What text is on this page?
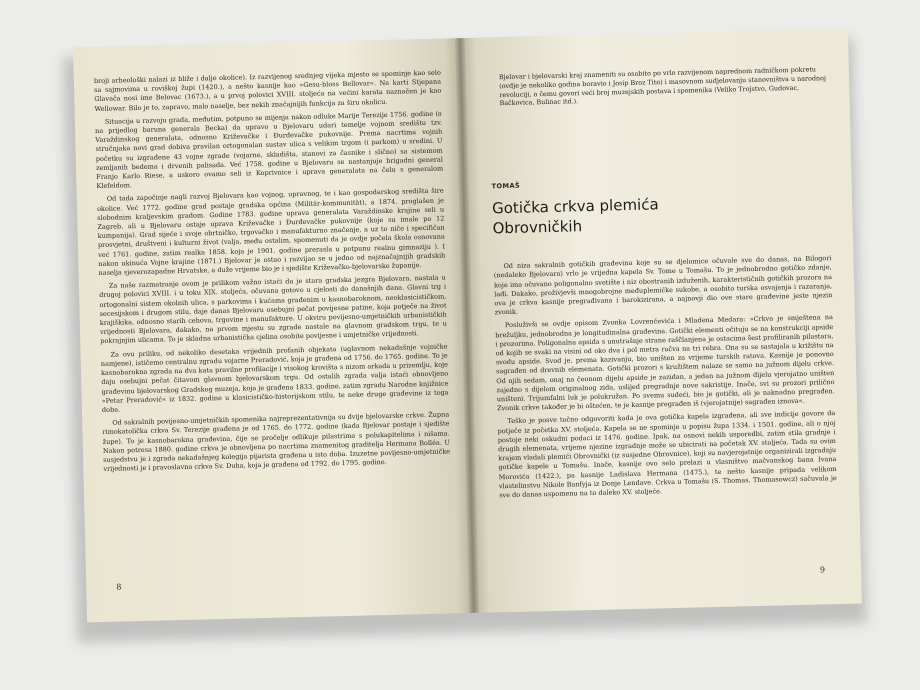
broji arheološki nalazi iz bliže i dalje okolice). Iz razvijenog srednjeg vijeka mjesto se spominje kao selo sa sajmovima u roviškoj župi (1420.), a nešto kasnije kao »Gesu-bloss Bellovar«. Na karti Stjepana Glavača nosi ime Belovac (1673.), a u prvoj polovici XVIII. stoljeća na većini karata naznačen je kao Wellowar. Bilo je to, zapravo, malo naselje, bez nekih značajnijih funkcija za širu okolicu.

Situacija u razvoju grada, međutim, potpuno se mijenja nakon odluke Marije Terezije 1756. godine (a na prijedlog baruna generala Becka) da upravo u Bjelovaru udari temelje vojnom središtu tzv. Varaždinskog generalata, odnosno Križevačke i Đurđevačke pukovnije. Prema nacrtima vojnih stručnjaka novi grad dobiva pravilan ortogonalan sustav ulica s velikim trgom (i parkom) u sredini. U početku su izgrađene 43 vojne zgrade (vojarne, skladišta, stanovi za časnike i slično) sa sistemom zemljanih bedema i drvenih palisada. Već 1758. godine u Bjelovaru se nastanjuje brigadni general Franjo Karlo Riese, a uskoro ovamo seli iz Koprivnice i uprava generalata na čelu s generalom Klefeldom.

Od tada započinje nagli razvoj Bjelovara kao vojnog, upravnog, te i kao gospodarskog središta šire okolice. Već 1772. godine grad postaje gradska općina (Militär-kommunität), a 1874. proglašen je slobodnim kraljevskim gradom. Godine 1783. godine uprava generalata Varaždinske krajine seli u Zagreb, ali u Bjelovaru ostaje uprava Križevačke i Đurđevačke pukovnije (koje su imale po 12 kumpanija). Grad sijeće i svoje obrtničko, trgovačko i manufakturno značenje, a uz to niče i specifičan prosvjetni, društveni i kulturni život (valja, među ostalim, spomenuti da je ovdje počela škola osnovana već 1761. godine, zatim realka 1858. koja je 1901. godine prerasla u potpunu realnu gimnaziju ). I nakon ukinuća Vojne krajine (1871.) Bjelovar je ostao i razvijao se u jedno od najznačajnijih gradskih naselja sjeverozapadne Hrvatske, a duže vrijeme bio je i sjedište Križevačko-bjelovarske županije.

Za naše razmatranje ovom je prilikom važno istaći da je stara gradska jezgra Bjelovara, nastala u drugoj polovici XVIII. i u toku XIX. stoljeća, očuvana gotovo u cjelosti do današnjih dana. Glavni trg i ortogonalni sistem okolnih ulica, s parkovima i kućama građenim u kasnobaroknom, neoklasicističkom, secesijskom i drugom stilu, daje danas Bjelovaru osebujni pečat povijesne patine, koja potječe na život krajiškika, odnosno starih cehova, trgovine i manufakture. U okviru povijesno-umjetničkih urbanističkih vrijednosti Bjelovara, dakako, na prvom mjestu su zgrade nastale na glavnom gradskom trgu, te u pokrajnjim ulicama. To je skladna urbanistička cjelina osobite povijesne i umjetničke vrijednosti.

Za ovu priliku, od nekoliko desetaka vrijednih profanih objekata (uglavnom nekadašnje vojničke namjene), ističemo centralnu zgradu vojarne Preradović, koja je građena od 1756. do 1765. godine. To je kasnobarokna zgrada na dva kata pravilne profilacije i visokog krovišta s nizom arkada u prizemlju, koje daju osebujni pečat čitavom glavnom bjelovarskom trgu. Od ostalih zgrada valja istaći obnovljeno građevinu bjelovarskog Gradskog muzeja, koja je građena 1833. godine, zatim zgradu Narodne knjižnice »Petar Preradović« iz 1832. godine u klasicističko-historijskom stilu, te neke druge građevine iz toga doba.

Od sakralnih povijesno-umjetničkih spomenika najreprezentativnija su dvije bjelovarske crkve. Župna rimokatolička crkva Sv. Terezije građena je od 1765. do 1772. godine (kada Bjelovar postaje i sjedište župe). To je kasnobarokna građevina, čije se pročelje odlikuje pilastrima s polukapitelima i nišama. Nakon potresa 1880. godine crkva je obnovljena po nacrtima znamenitog graditelja Hermana Bolléa. U susjedstvu je i zgrada nekadašnjeg kolegija pijarista građena u isto doba. Izuzetne povijesno-umjetničke vrijednosti je i pravoslavna crkva Sv. Duha, koja je građena od 1792. do 1795. godine.

8

Bjelovar i bjelovarski kraj znameniti su osobito po vrlo razvijenom naprednom radničkom pokretu (ovdje je nekoliko godina boravio i Josip Broz Tito) i masovnom sudjelovanju stanovništva u narodnoj revoluciji, o čemu govori veći broj muzejskih postava i spomenika (Veliko Trojstvo, Gudovac, Bačkovica, Bulinac itd.).

TOMAŠ
Gotička crkva plemića
Obrovničkih

Od niza sakralnih gotičkih građevina koje su se djelomice očuvale sve do danas, na Bilogori (nedaleko Bjelovara) vrlo je vrijedna kapela Sv. Tome u Tomašu. To je jednobrodno gotičko zdanje, koje ima očuvano poligonalno svetište i niz obostranih izduženih, karakterističnih gotičkih prozora na lađi. Dakako, proživjevši mnogobrojne međuplemićke sukobe, a osobito turska osvajanja i razaranja, ova je crkva kasnije pregrađivana i barokizirana, a najnovji dio ove stare građevine jeste njezin zvonik.

Posluživši se ovdje opisom Zvonka Lovrenčevića i Mladena Medara: »Crkva je smještena na brežuljku, jednobrodna je longitudinalna građevina. Gotički elementi očituju se na konstrukciji apside i prozorima. Poligonalna apsida s unutrašnje strane raščlanjena je ostacima šest profiliranih pilastara, od kojih se svaki na visini od oko dva i pol metra račva na tri rebra. Ona su se sastajala u križištu na svodu apside. Svod je, prema kazivanju, bio uništen za vrijeme turskih ratova. Kasnije je ponovno sagrađen od drevnih elemenata. Gotički prozori s kružištem nalaze se samo na južnom dijelu crkve. Od njih sedam, onaj na čeonom dijelu apside je zazidan, a jedan na južnom dijelu vjerojatno uništen zajedno s dijelom originalnog zida, uslijed pregradnje nove sakristije. Inače, svi su prozori prilično uništeni. Trijumfalni luk je polukružan. Po svemu sudeći, bio je gotički, ali je naknadno pregrađen. Zvonik crkve također je bi oštećen, te je kasnije pregrađen iš (vjerojatnije) sagrađen iznova«.

Teško je posve točno odgovoriti kada je ova gotička kapela izgrađena, ali sve indicije govore da potječe iz početka XV. stoljeća. Kapela se ne spominje u popisu župa 1334. i 1501. godine, ali o njoj postoje neki oskudni podaci iz 1476. godine. Ipak, na osnovi nekih usporedbi, zatim stila gradnje i drugih elemenata, vrijeme njezine izgradnje može se ubicirati na početak XV. stoljeća. Tada su ovim krajem vladali plemići Obrovnički (iz susjedne Obrovnice), koji su navjerojatnije organizirali izgradnju gotičke kapele u Tomašu. Inače, kasnije ovo selo prelazi u vlasništvo mačvanskog bana Ivana Morovića (1422.), pa kasnije Ladislava Hermana (1475.), te nešto kasnije pripada velikom vlastelinstvu Nikole Banfyja iz Donje Lendave. Crkva u Tomašu (S. Thomas, Thomasowcz) sačuvala je sve do danas uspomenu na to daleko XV. stoljeće.

9
